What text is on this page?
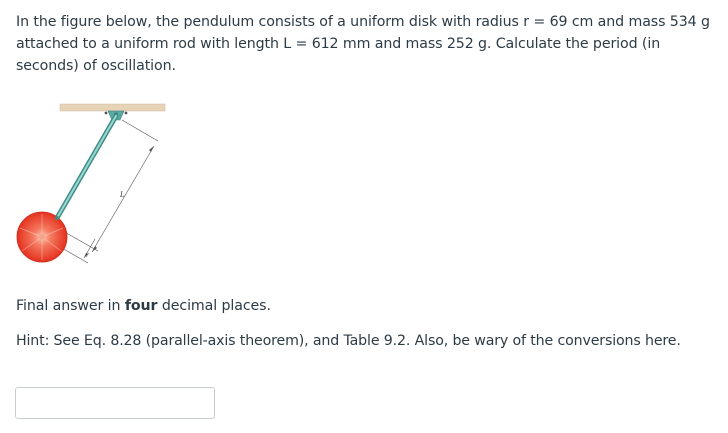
In the figure below, the pendulum consists of a uniform disk with radius r = 69 cm and mass 534 g attached to a uniform rod with length L = 612 mm and mass 252 g. Calculate the period (in seconds) of oscillation.
L
r
Final answer in four decimal places.
Hint: See Eq. 8.28 (parallel-axis theorem), and Table 9.2. Also, be wary of the conversions here.
